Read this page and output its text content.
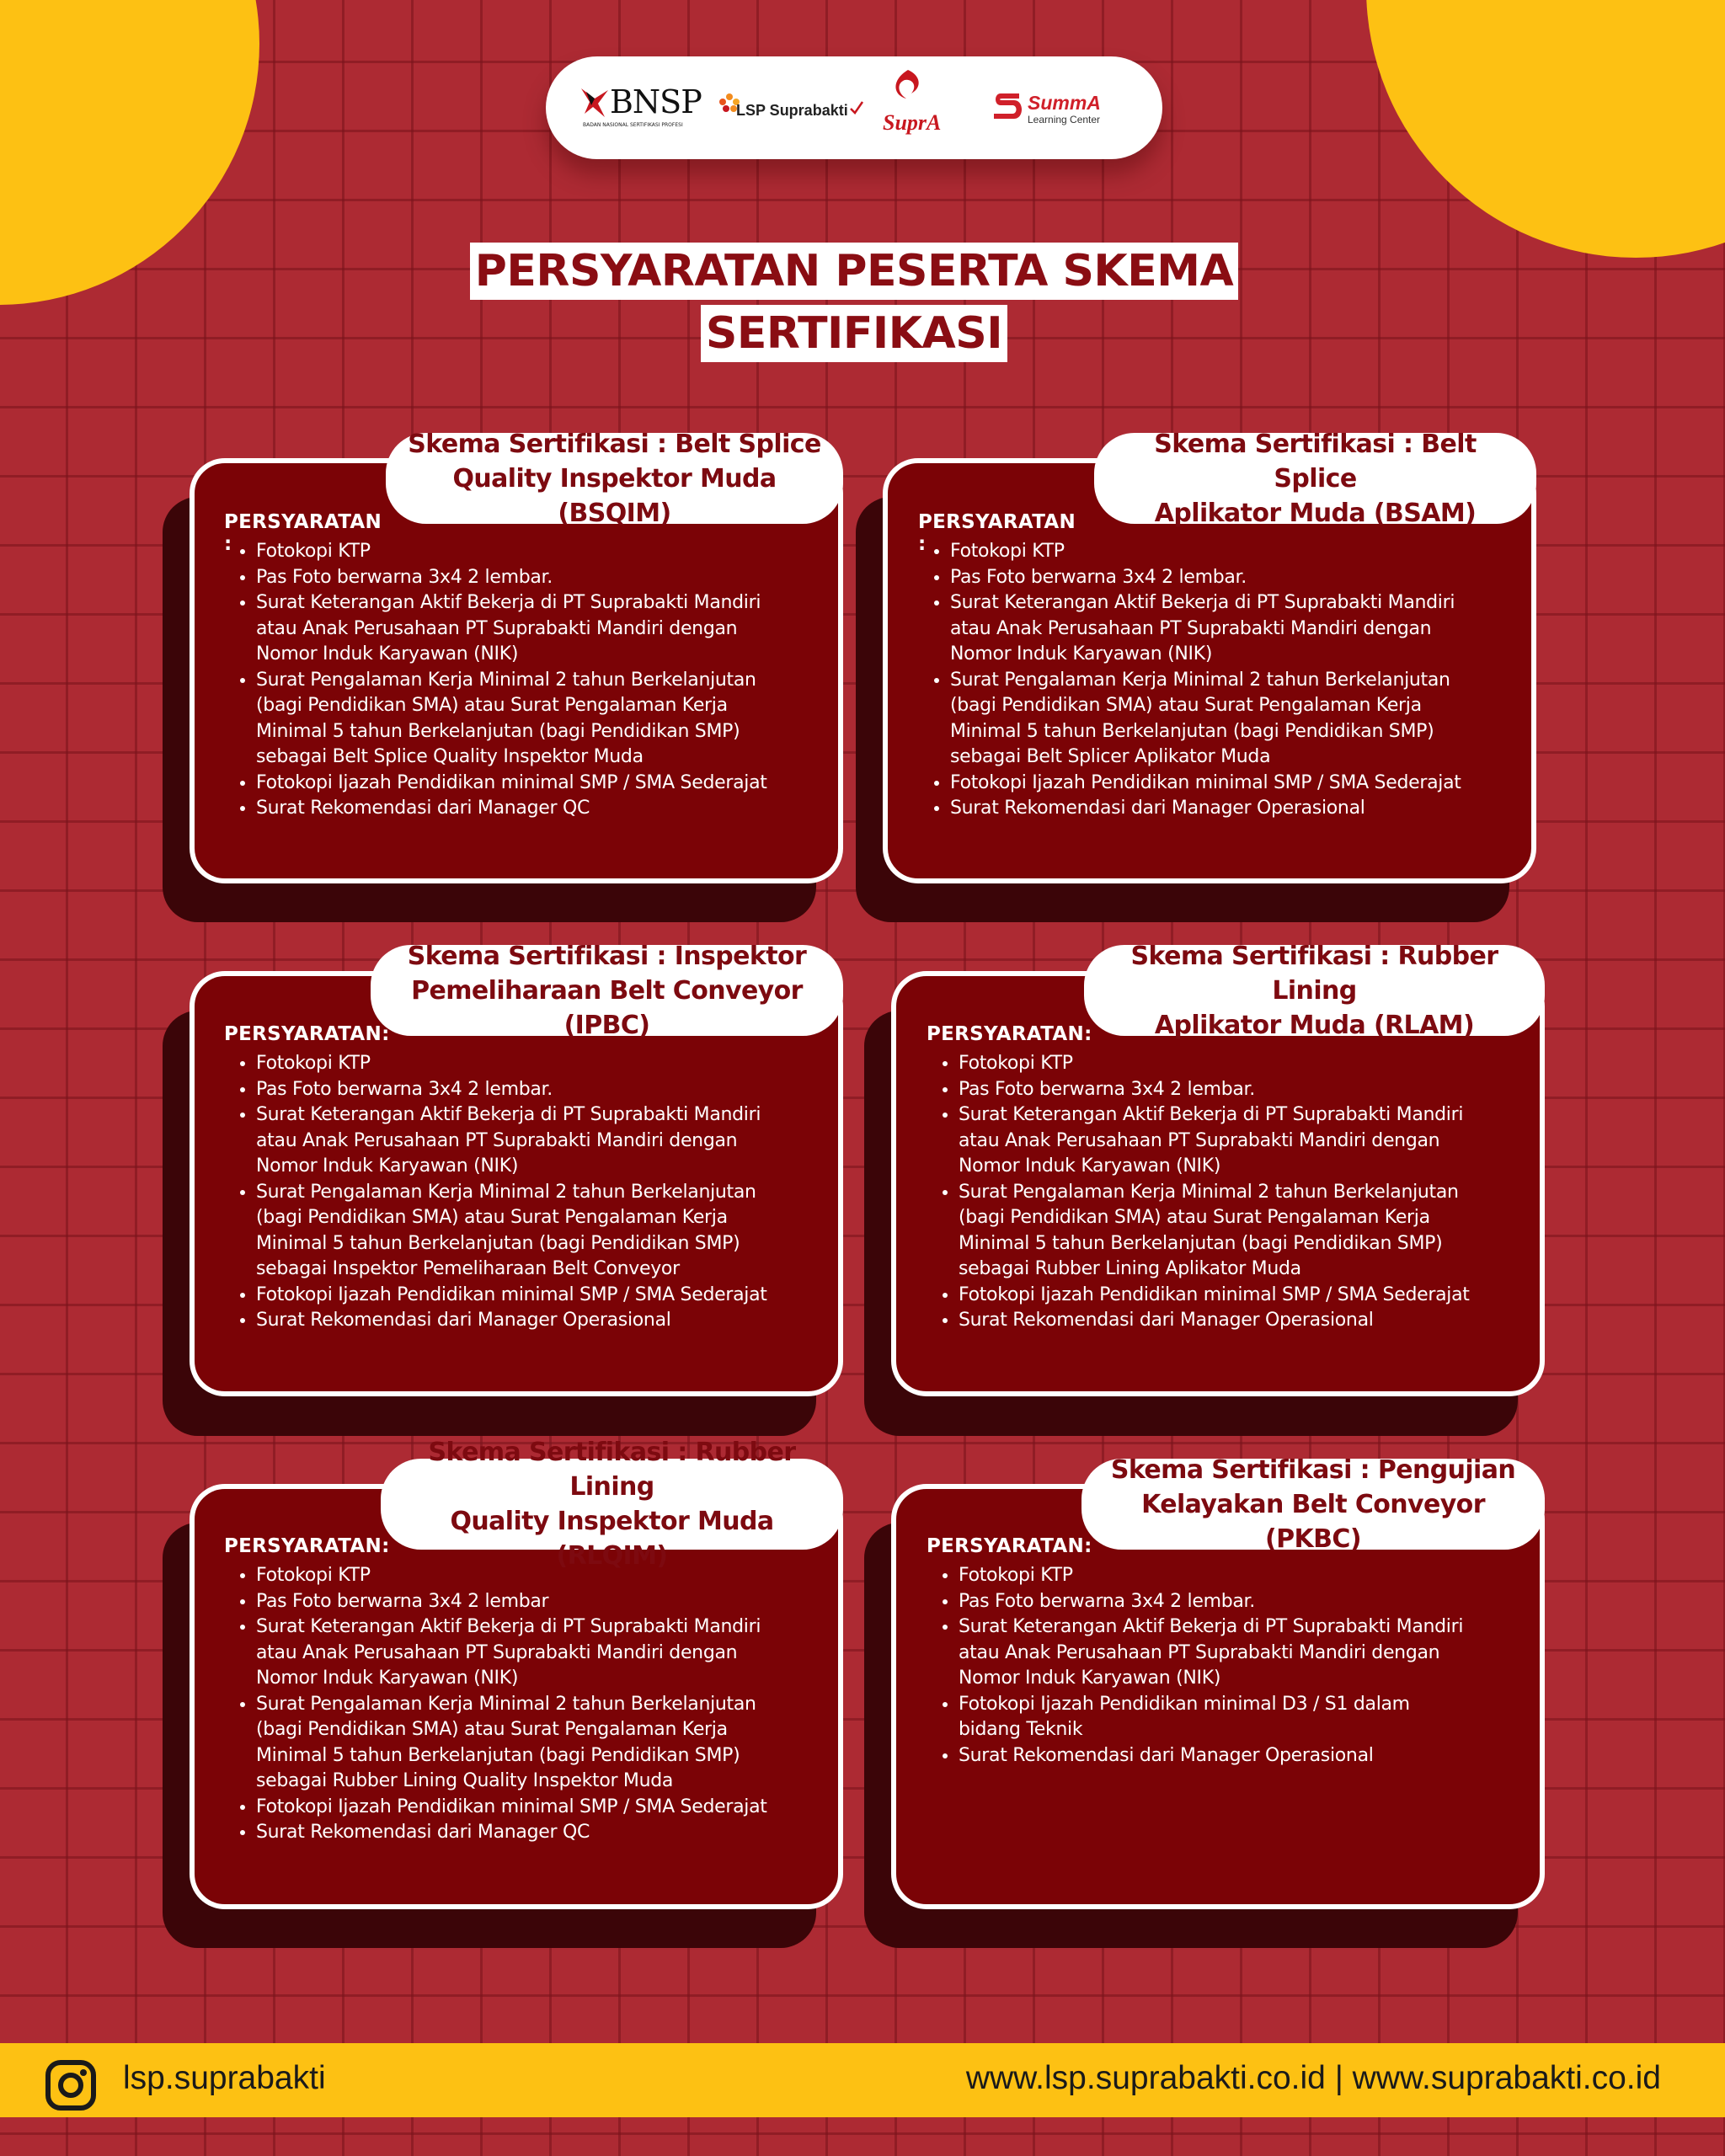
BNSP
BADAN NASIONAL SERTIFIKASI PROFESI
LSP Suprabakti SuprA
SummA
Learning Center
PERSYARATAN PESERTA SKEMA
SERTIFIKASI
Skema Sertifikasi : Belt Splice
Quality Inspektor Muda (BSQIM)
PERSYARATAN :	• Fotokopi KTP
• Pas Foto berwarna 3x4 2 lembar.
• Surat Keterangan Aktif Bekerja di PT Suprabakti Mandiri
atau Anak Perusahaan PT Suprabakti Mandiri dengan
Nomor Induk Karyawan (NIK)
• Surat Pengalaman Kerja Minimal 2 tahun Berkelanjutan
(bagi Pendidikan SMA) atau Surat Pengalaman Kerja
Minimal 5 tahun Berkelanjutan (bagi Pendidikan SMP)
sebagai Belt Splice Quality Inspektor Muda
• Fotokopi Ijazah Pendidikan minimal SMP / SMA Sederajat
• Surat Rekomendasi dari Manager QC
Skema Sertifikasi : Belt Splice
Aplikator Muda (BSAM)
PERSYARATAN :	• Fotokopi KTP
• Pas Foto berwarna 3x4 2 lembar.
• Surat Keterangan Aktif Bekerja di PT Suprabakti Mandiri
atau Anak Perusahaan PT Suprabakti Mandiri dengan
Nomor Induk Karyawan (NIK)
• Surat Pengalaman Kerja Minimal 2 tahun Berkelanjutan
(bagi Pendidikan SMA) atau Surat Pengalaman Kerja
Minimal 5 tahun Berkelanjutan (bagi Pendidikan SMP)
sebagai Belt Splicer Aplikator Muda
• Fotokopi Ijazah Pendidikan minimal SMP / SMA Sederajat
• Surat Rekomendasi dari Manager Operasional
Skema Sertifikasi : Inspektor
Pemeliharaan Belt Conveyor (IPBC)
PERSYARATAN:
• Fotokopi KTP
• Pas Foto berwarna 3x4 2 lembar.
• Surat Keterangan Aktif Bekerja di PT Suprabakti Mandiri
atau Anak Perusahaan PT Suprabakti Mandiri dengan
Nomor Induk Karyawan (NIK)
• Surat Pengalaman Kerja Minimal 2 tahun Berkelanjutan
(bagi Pendidikan SMA) atau Surat Pengalaman Kerja
Minimal 5 tahun Berkelanjutan (bagi Pendidikan SMP)
sebagai Inspektor Pemeliharaan Belt Conveyor
• Fotokopi Ijazah Pendidikan minimal SMP / SMA Sederajat
• Surat Rekomendasi dari Manager Operasional
Skema Sertifikasi : Rubber Lining
Aplikator Muda (RLAM)
PERSYARATAN:
• Fotokopi KTP
• Pas Foto berwarna 3x4 2 lembar.
• Surat Keterangan Aktif Bekerja di PT Suprabakti Mandiri
atau Anak Perusahaan PT Suprabakti Mandiri dengan
Nomor Induk Karyawan (NIK)
• Surat Pengalaman Kerja Minimal 2 tahun Berkelanjutan
(bagi Pendidikan SMA) atau Surat Pengalaman Kerja
Minimal 5 tahun Berkelanjutan (bagi Pendidikan SMP)
sebagai Rubber Lining Aplikator Muda
• Fotokopi Ijazah Pendidikan minimal SMP / SMA Sederajat
• Surat Rekomendasi dari Manager Operasional
Skema Sertifikasi : Rubber Lining
Quality Inspektor Muda (RLQIM)
PERSYARATAN:
• Fotokopi KTP
• Pas Foto berwarna 3x4 2 lembar
• Surat Keterangan Aktif Bekerja di PT Suprabakti Mandiri
atau Anak Perusahaan PT Suprabakti Mandiri dengan
Nomor Induk Karyawan (NIK)
• Surat Pengalaman Kerja Minimal 2 tahun Berkelanjutan
(bagi Pendidikan SMA) atau Surat Pengalaman Kerja
Minimal 5 tahun Berkelanjutan (bagi Pendidikan SMP)
sebagai Rubber Lining Quality Inspektor Muda
• Fotokopi Ijazah Pendidikan minimal SMP / SMA Sederajat
• Surat Rekomendasi dari Manager QC
Skema Sertifikasi : Pengujian
Kelayakan Belt Conveyor (PKBC)
PERSYARATAN:
• Fotokopi KTP
• Pas Foto berwarna 3x4 2 lembar.
• Surat Keterangan Aktif Bekerja di PT Suprabakti Mandiri
atau Anak Perusahaan PT Suprabakti Mandiri dengan
Nomor Induk Karyawan (NIK)
• Fotokopi Ijazah Pendidikan minimal D3 / S1 dalam
bidang Teknik
• Surat Rekomendasi dari Manager Operasional
lsp.suprabakti	www.lsp.suprabakti.co.id | www.suprabakti.co.id
